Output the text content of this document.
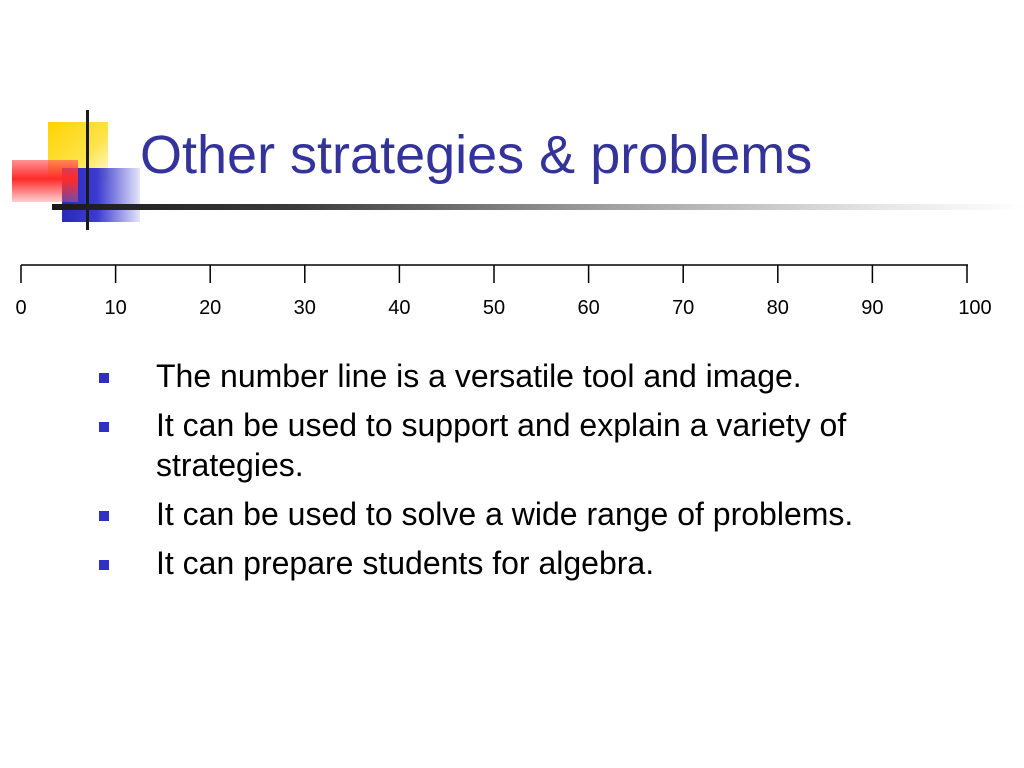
Other strategies & problems
0	10	20	30	40	50	60	70	80	90	100
The number line is a versatile tool and image.
It can be used to support and explain a variety of strategies.
It can be used to solve a wide range of problems.
It can prepare students for algebra.
